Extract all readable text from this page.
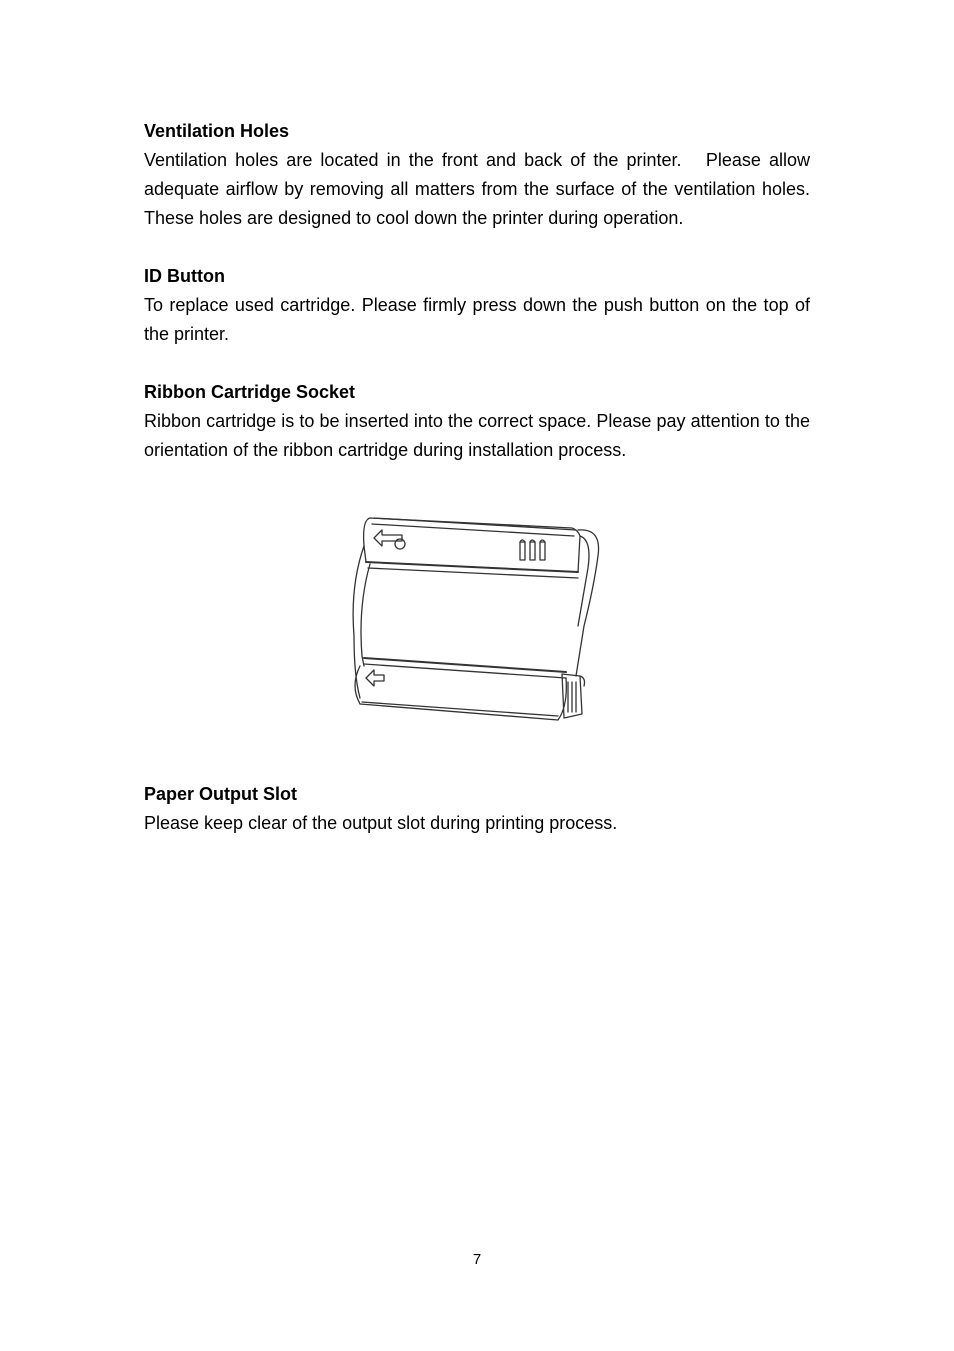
Ventilation Holes

Ventilation holes are located in the front and back of the printer.   Please allow adequate airflow by removing all matters from the surface of the ventilation holes. These holes are designed to cool down the printer during operation.

ID Button

To replace used cartridge. Please firmly press down the push button on the top of the printer.

Ribbon Cartridge Socket

Ribbon cartridge is to be inserted into the correct space. Please pay attention to the orientation of the ribbon cartridge during installation process.

Paper Output Slot

Please keep clear of the output slot during printing process.

7
